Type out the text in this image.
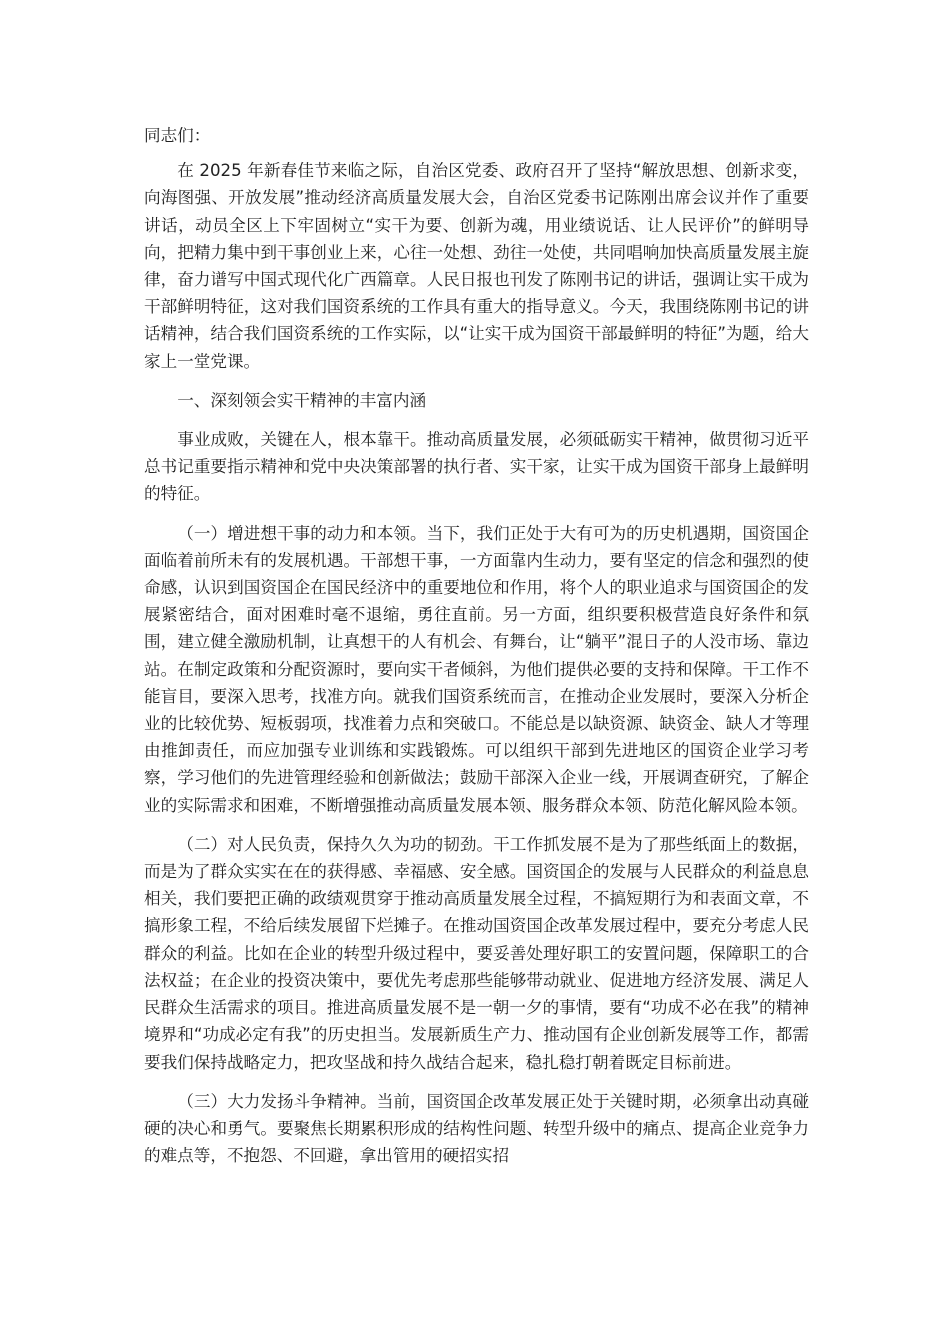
同志们：

在 2025 年新春佳节来临之际，自治区党委、政府召开了坚持“解放思想、创新求变，向海图强、开放发展”推动经济高质量发展大会，自治区党委书记陈刚出席会议并作了重要讲话，动员全区上下牢固树立“实干为要、创新为魂，用业绩说话、让人民评价”的鲜明导向，把精力集中到干事创业上来，心往一处想、劲往一处使，共同唱响加快高质量发展主旋律，奋力谱写中国式现代化广西篇章。人民日报也刊发了陈刚书记的讲话，强调让实干成为干部鲜明特征，这对我们国资系统的工作具有重大的指导意义。今天，我围绕陈刚书记的讲话精神，结合我们国资系统的工作实际，以“让实干成为国资干部最鲜明的特征”为题，给大家上一堂党课。

一、深刻领会实干精神的丰富内涵

事业成败，关键在人，根本靠干。推动高质量发展，必须砥砺实干精神，做贯彻习近平总书记重要指示精神和党中央决策部署的执行者、实干家，让实干成为国资干部身上最鲜明的特征。

（一）增进想干事的动力和本领。当下，我们正处于大有可为的历史机遇期，国资国企面临着前所未有的发展机遇。干部想干事，一方面靠内生动力，要有坚定的信念和强烈的使命感，认识到国资国企在国民经济中的重要地位和作用，将个人的职业追求与国资国企的发展紧密结合，面对困难时毫不退缩，勇往直前。另一方面，组织要积极营造良好条件和氛围，建立健全激励机制，让真想干的人有机会、有舞台，让“躺平”混日子的人没市场、靠边站。在制定政策和分配资源时，要向实干者倾斜，为他们提供必要的支持和保障。干工作不能盲目，要深入思考，找准方向。就我们国资系统而言，在推动企业发展时，要深入分析企业的比较优势、短板弱项，找准着力点和突破口。不能总是以缺资源、缺资金、缺人才等理由推卸责任，而应加强专业训练和实践锻炼。可以组织干部到先进地区的国资企业学习考察，学习他们的先进管理经验和创新做法；鼓励干部深入企业一线，开展调查研究，了解企业的实际需求和困难，不断增强推动高质量发展本领、服务群众本领、防范化解风险本领。

（二）对人民负责，保持久久为功的韧劲。干工作抓发展不是为了那些纸面上的数据，而是为了群众实实在在的获得感、幸福感、安全感。国资国企的发展与人民群众的利益息息相关，我们要把正确的政绩观贯穿于推动高质量发展全过程，不搞短期行为和表面文章，不搞形象工程，不给后续发展留下烂摊子。在推动国资国企改革发展过程中，要充分考虑人民群众的利益。比如在企业的转型升级过程中，要妥善处理好职工的安置问题，保障职工的合法权益；在企业的投资决策中，要优先考虑那些能够带动就业、促进地方经济发展、满足人民群众生活需求的项目。推进高质量发展不是一朝一夕的事情，要有“功成不必在我”的精神境界和“功成必定有我”的历史担当。发展新质生产力、推动国有企业创新发展等工作，都需要我们保持战略定力，把攻坚战和持久战结合起来，稳扎稳打朝着既定目标前进。

（三）大力发扬斗争精神。当前，国资国企改革发展正处于关键时期，必须拿出动真碰硬的决心和勇气。要聚焦长期累积形成的结构性问题、转型升级中的痛点、提高企业竞争力的难点等，不抱怨、不回避，拿出管用的硬招实招
